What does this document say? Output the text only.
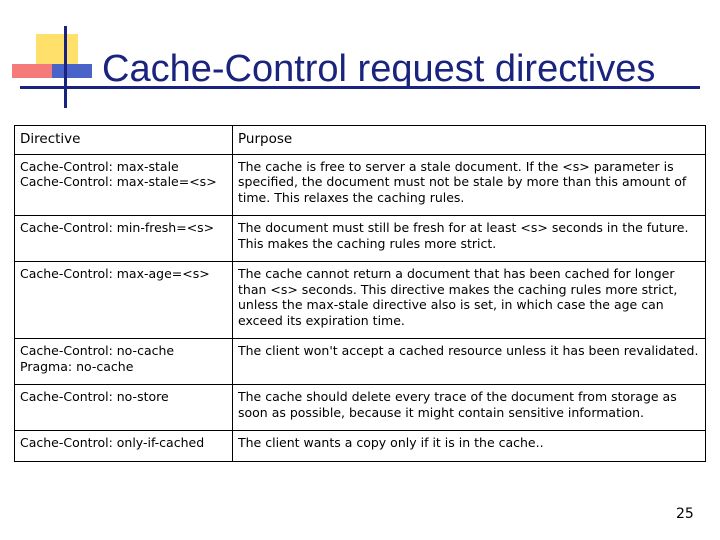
Cache-Control request directives
Directive	Purpose

Cache-Control: max-stale
Cache-Control: max-stale=<s>	The cache is free to server a stale document. If the <s> parameter is specified, the document must not be stale by more than this amount of time. This relaxes the caching rules.

Cache-Control: min-fresh=<s>	The document must still be fresh for at least <s> seconds in the future. This makes the caching rules more strict.

Cache-Control: max-age=<s>	The cache cannot return a document that has been cached for longer than <s> seconds. This directive makes the caching rules more strict, unless the max-stale directive also is set, in which case the age can exceed its expiration time.

Cache-Control: no-cache
Pragma: no-cache	The client won't accept a cached resource unless it has been revalidated.

Cache-Control: no-store	The cache should delete every trace of the document from storage as soon as possible, because it might contain sensitive information.

Cache-Control: only-if-cached	The client wants a copy only if it is in the cache..
25
